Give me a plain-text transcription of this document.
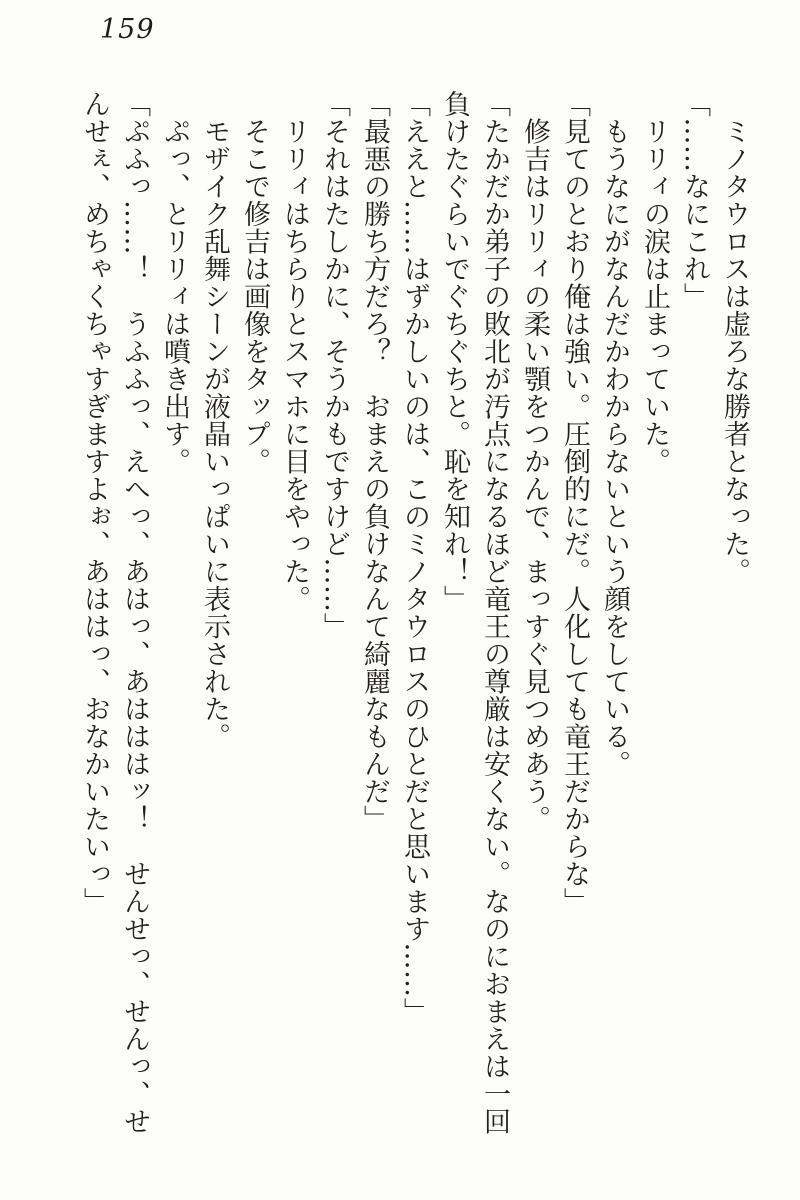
159
　ミノタウロスは虚ろな勝者となった。
「……なにこれ」
　リリィの涙は止まっていた。
　もうなにがなんだかわからないという顔をしている。
「見てのとおり俺は強い。圧倒的にだ。人化しても竜王だからな」
　修吉はリリィの柔い顎をつかんで、まっすぐ見つめあう。
「たかだか弟子の敗北が汚点になるほど竜王の尊厳は安くない。なのにおまえは一回
負けたぐらいでぐちぐちと。恥を知れ！」
「ええと……はずかしいのは、このミノタウロスのひとだと思います……」
「最悪の勝ち方だろ？　おまえの負けなんて綺麗なもんだ」
「それはたしかに、そうかもですけど……」
　リリィはちらりとスマホに目をやった。
　そこで修吉は画像をタップ。
　モザイク乱舞シーンが液晶いっぱいに表示された。
　ぷっ、とリリィは噴き出す。
「ぷふっ……！　うふふっ、えへっ、あはっ、あはははッ！　せんせっ、せんっ、せ
んせぇ、めちゃくちゃすぎますよぉ、あははっ、おなかいたいっ」
